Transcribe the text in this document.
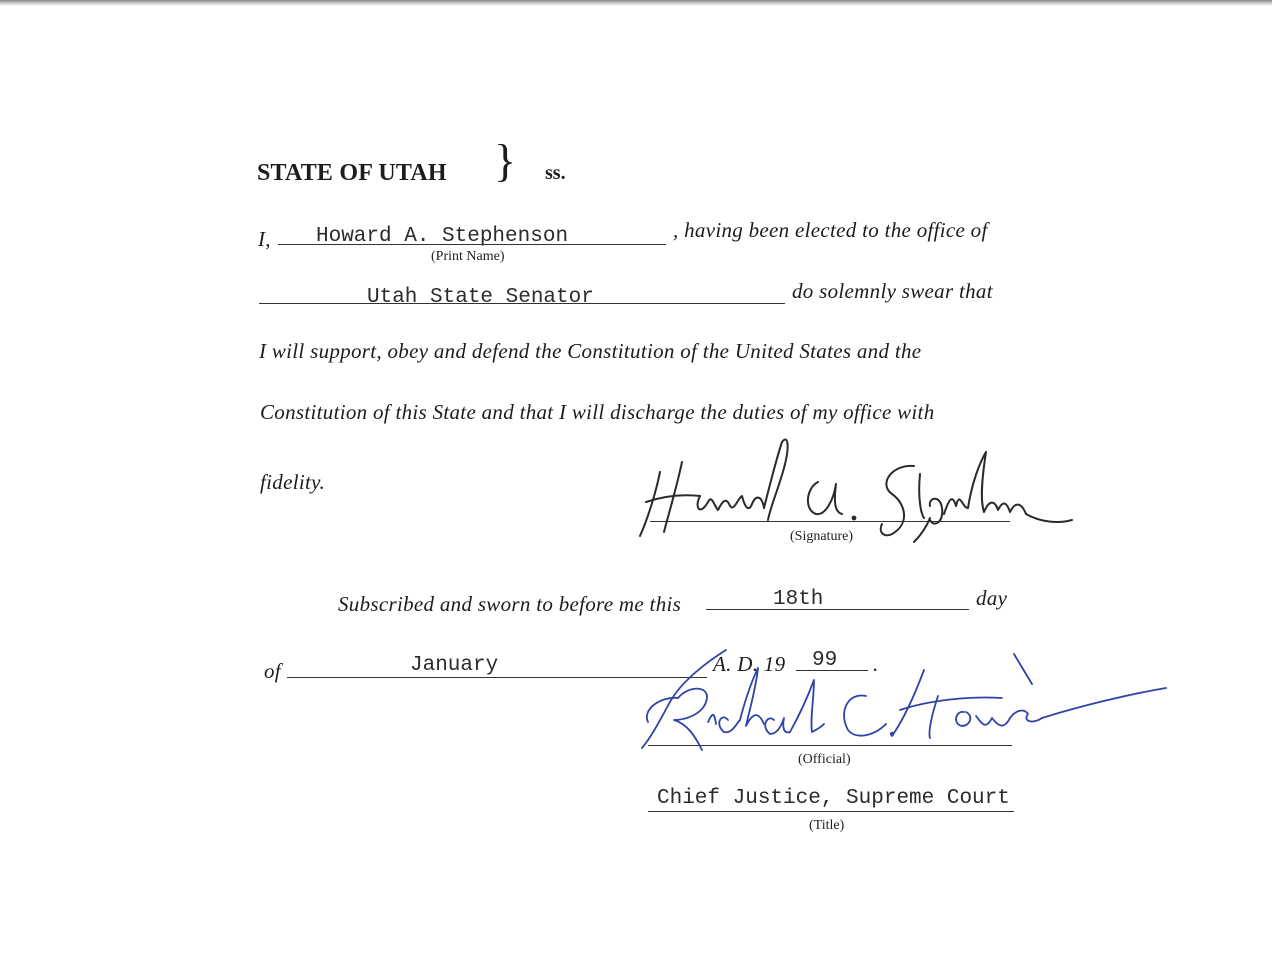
STATE OF UTAH } ss.
I, Howard A. Stephenson
(Print Name)
, having been elected to the office of
Utah State Senator	do solemnly swear that
I will support, obey and defend the Constitution of the United States and the
Constitution of this State and that I will discharge the duties of my office with
fidelity.
(Signature)
Subscribed and sworn to before me this	18th	day
of	January	A. D. 19 99 .
(Official)
Chief Justice, Supreme Court
(Title)
